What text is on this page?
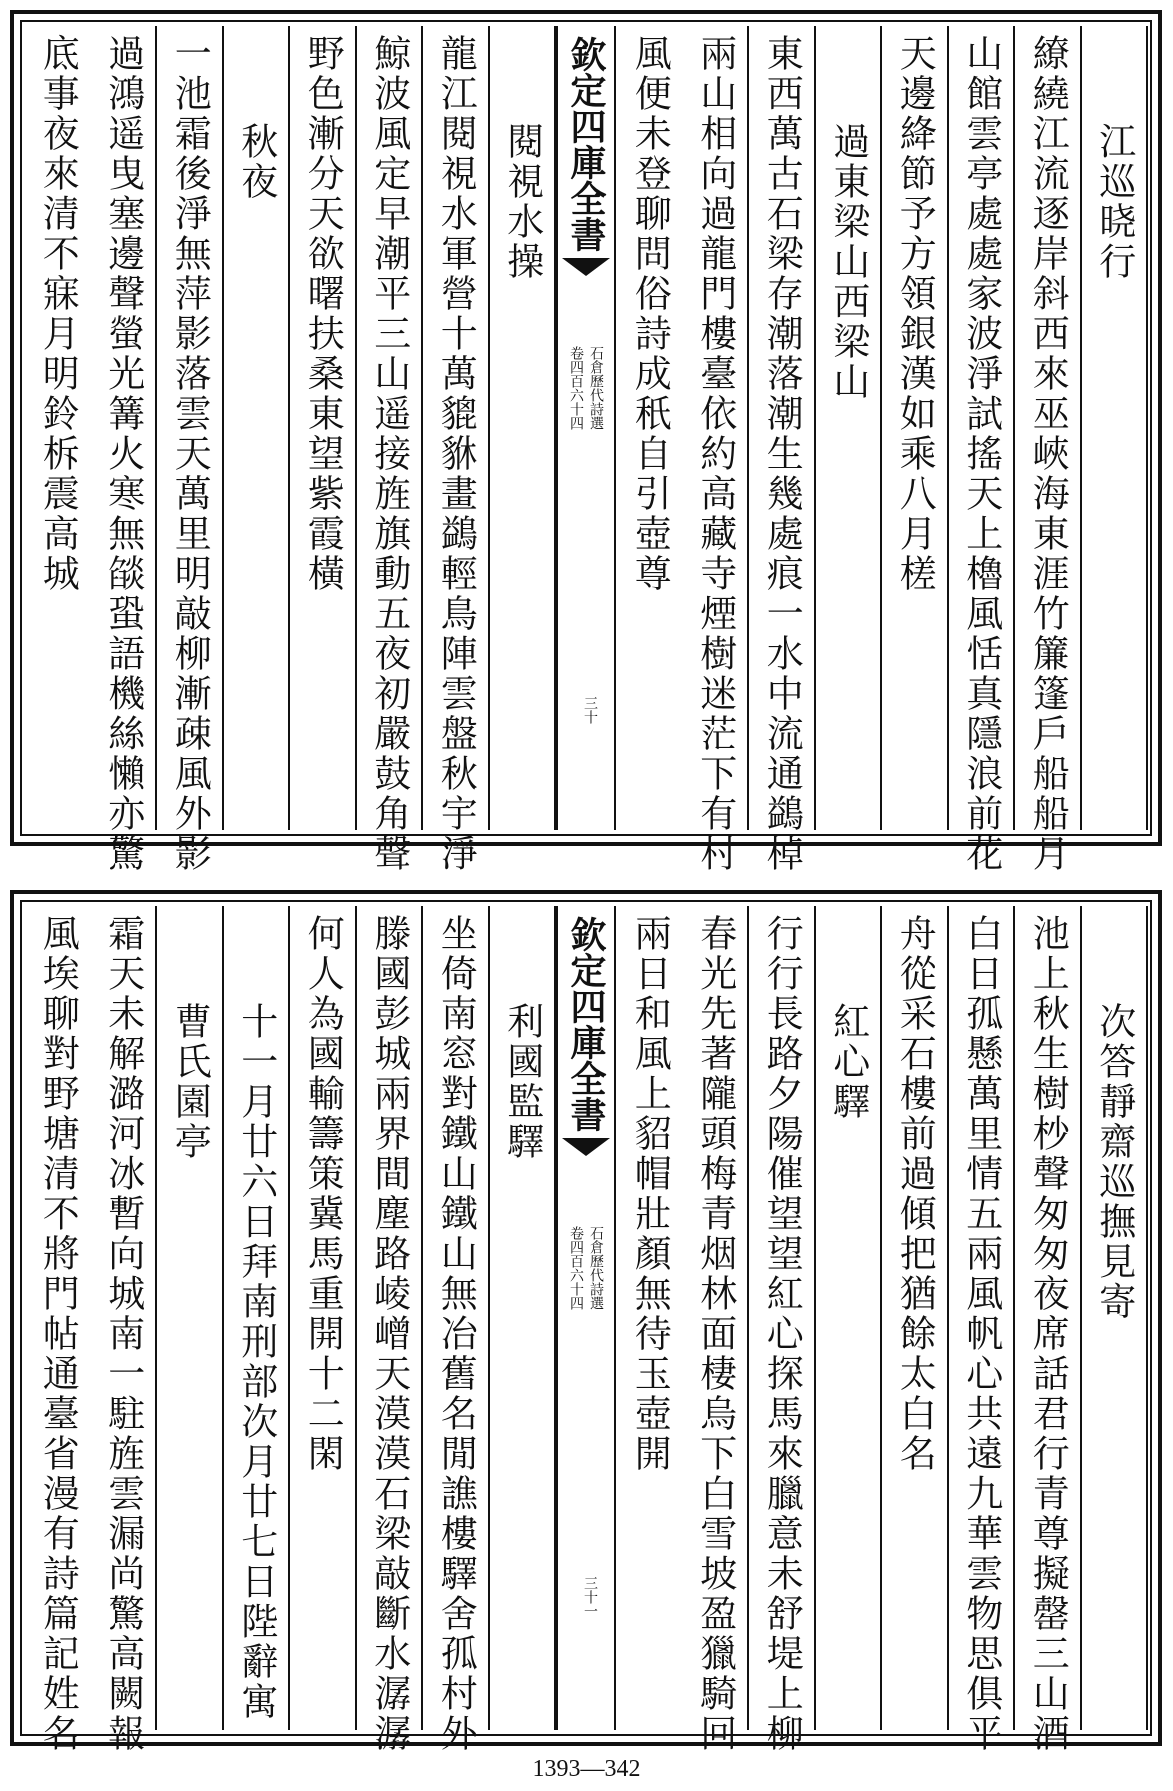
江巡晓行
繚繞江流逐岸斜西來巫峽海東涯竹簾篷戶船船月
山館雲亭處處家波淨試搖天上櫓風恬真隱浪前花
天邊絳節予方領銀漢如乘八月槎
過東梁山西梁山
東西萬古石梁存潮落潮生幾處痕一水中流通鷁棹
兩山相向過龍門樓臺依約高藏寺煙樹迷茫下有村
風便未登聊問俗詩成秖自引壺尊
欽定四庫全書
石倉歷代詩選
卷四百六十四
三十
閱視水操
龍江閱視水軍營十萬貔貅畫鷁輕鳥陣雲盤秋宇淨
鯨波風定早潮平三山遥接旌旗動五夜初嚴鼓角聲
野色漸分天欲曙扶桑東望紫霞橫
秋夜
一池霜後淨無萍影落雲天萬里明敲柳漸疎風外影
過鴻遥曳塞邊聲螢光篝火寒無燄蛩語機絲懶亦驚
底事夜來清不寐月明鈴柝震高城
次答靜齋巡撫見寄
池上秋生樹杪聲匆匆夜席話君行青尊擬罄三山酒
白日孤懸萬里情五兩風帆心共遠九華雲物思俱平
舟從采石樓前過傾把猶餘太白名
紅心驛
行行長路夕陽催望望紅心探馬來臘意未舒堤上柳
春光先著隴頭梅青烟林面棲烏下白雪坡盈獵騎回
兩日和風上貂帽壯顏無待玉壺開
欽定四庫全書
石倉歷代詩選
卷四百六十四
三十一
利國監驛
坐倚南窓對鐵山鐵山無冶舊名閒譙樓驛舍孤村外
滕國彭城兩界間塵路崚嶒天漠漠石梁敲斷水潺潺
何人為國輸籌策冀馬重開十二閑
十一月廿六日拜南刑部次月廿七日陛辭寓
曹氏園亭
霜天未解潞河冰暫向城南一駐旌雲漏尚驚高闕報
風埃聊對野塘清不將門帖通臺省漫有詩篇記姓名
1393—342
